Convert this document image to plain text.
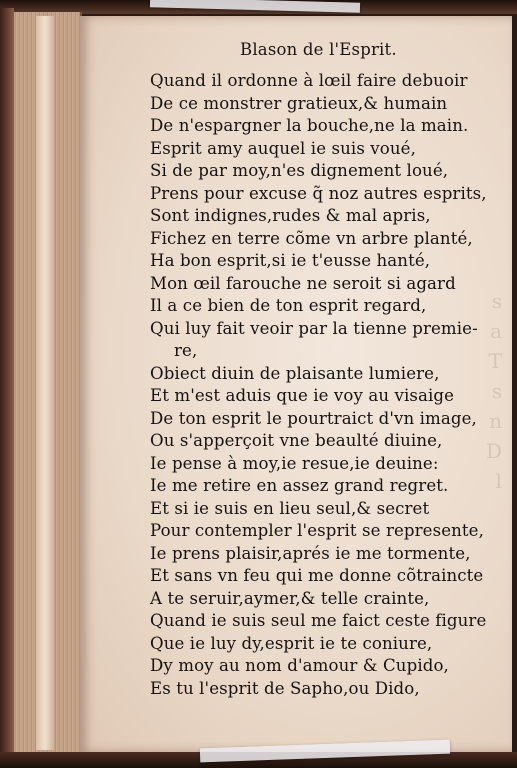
s
a
T
s
n
D
l
Blason de l'Esprit.
Quand il ordonne à lœil faire debuoir
De ce monstrer gratieux,& humain
De n'espargner la bouche,ne la main.
Esprit amy auquel ie suis voué,
Si de par moy,n'es dignement loué,
Prens pour excuse q̃ noz autres esprits,
Sont indignes,rudes & mal apris,
Fichez en terre cõme vn arbre planté,
Ha bon esprit,si ie t'eusse hanté,
Mon œil farouche ne seroit si agard
Il a ce bien de ton esprit regard,
Qui luy fait veoir par la tienne premie-
re,
Obiect diuin de plaisante lumiere,
Et m'est aduis que ie voy au visaige
De ton esprit le pourtraict d'vn image,
Ou s'apperçoit vne beaulté diuine,
Ie pense à moy,ie resue,ie deuine:
Ie me retire en assez grand regret.
Et si ie suis en lieu seul,& secret
Pour contempler l'esprit se represente,
Ie prens plaisir,aprés ie me tormente,
Et sans vn feu qui me donne cõtraincte
A te seruir,aymer,& telle crainte,
Quand ie suis seul me faict ceste figure
Que ie luy dy,esprit ie te coniure,
Dy moy au nom d'amour & Cupido,
Es tu l'esprit de Sapho,ou Dido,
